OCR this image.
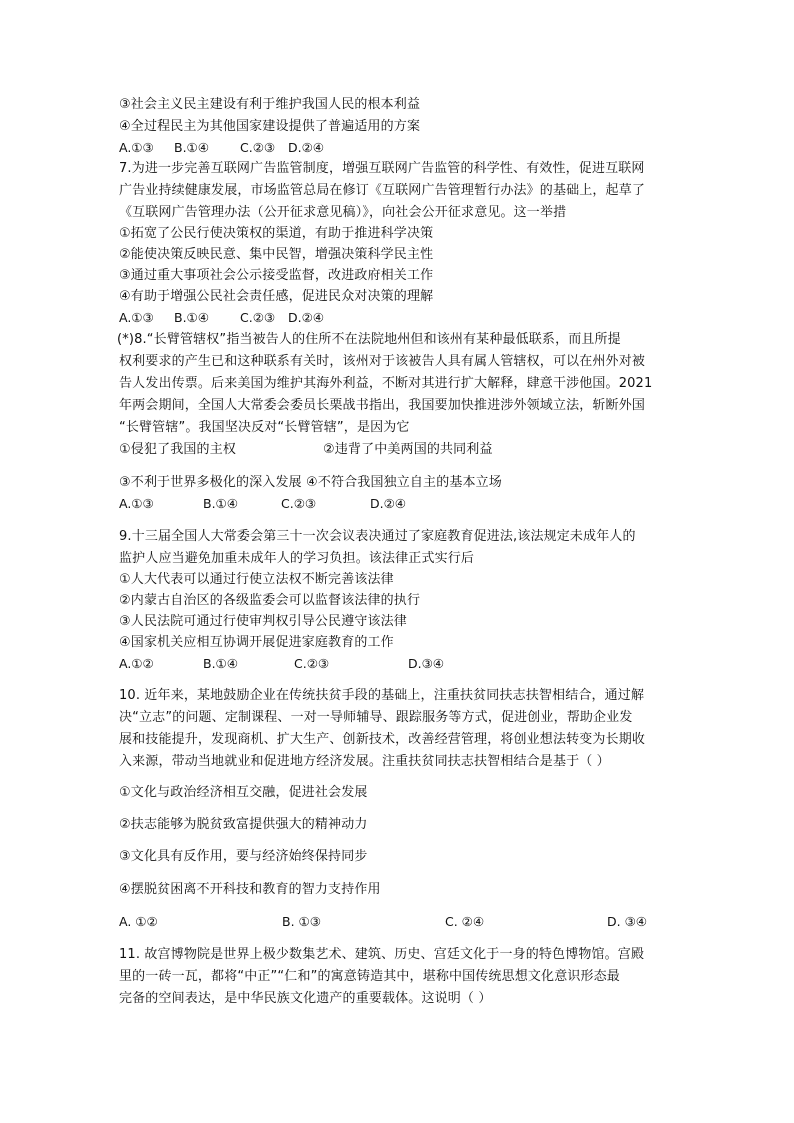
③社会主义民主建设有利于维护我国人民的根本利益
④全过程民主为其他国家建设提供了普遍适用的方案
A.①③ B.①④ C.②③ D.②④
7.为进一步完善互联网广告监管制度，增强互联网广告监管的科学性、有效性，促进互联网
广告业持续健康发展，市场监管总局在修订《互联网广告管理暂行办法》的基础上，起草了
《互联网广告管理办法（公开征求意见稿）》，向社会公开征求意见。这一举措
①拓宽了公民行使决策权的渠道，有助于推进科学决策
②能使决策反映民意、集中民智，增强决策科学民主性
③通过重大事项社会公示接受监督，改进政府相关工作
④有助于增强公民社会责任感，促进民众对决策的理解
A.①③ B.①④ C.②③ D.②④
(*)8.“长臂管辖权”指当被告人的住所不在法院地州但和该州有某种最低联系，而且所提
权利要求的产生已和这种联系有关时，该州对于该被告人具有属人管辖权，可以在州外对被
告人发出传票。后来美国为维护其海外利益，不断对其进行扩大解释，肆意干涉他国。2021
年两会期间，全国人大常委会委员长栗战书指出，我国要加快推进涉外领域立法，斩断外国
“长臂管辖”。我国坚决反对“长臂管辖”，是因为它
①侵犯了我国的主权	②违背了中美两国的共同利益
③不利于世界多极化的深入发展 ④不符合我国独立自主的基本立场
A.①③	B.①④	C.②③	D.②④
9.十三届全国人大常委会第三十一次会议表决通过了家庭教育促进法,该法规定未成年人的
监护人应当避免加重未成年人的学习负担。该法律正式实行后
①人大代表可以通过行使立法权不断完善该法律
②内蒙古自治区的各级监委会可以监督该法律的执行
③人民法院可通过行使审判权引导公民遵守该法律
④国家机关应相互协调开展促进家庭教育的工作
A.①②	B.①④	C.②③	D.③④
10. 近年来，某地鼓励企业在传统扶贫手段的基础上，注重扶贫同扶志扶智相结合，通过解
决“立志”的问题、定制课程、一对一导师辅导、跟踪服务等方式，促进创业，帮助企业发
展和技能提升，发现商机、扩大生产、创新技术，改善经营管理，将创业想法转变为长期收
入来源，带动当地就业和促进地方经济发展。注重扶贫同扶志扶智相结合是基于（ ）
①文化与政治经济相互交融，促进社会发展
②扶志能够为脱贫致富提供强大的精神动力
③文化具有反作用，要与经济始终保持同步
④摆脱贫困离不开科技和教育的智力支持作用
A. ①②	B. ①③	C. ②④	D. ③④
11. 故宫博物院是世界上极少数集艺术、建筑、历史、宫廷文化于一身的特色博物馆。宫殿
里的一砖一瓦，都将“中正”“仁和”的寓意铸造其中，堪称中国传统思想文化意识形态最
完备的空间表达，是中华民族文化遗产的重要载体。这说明（ ）
